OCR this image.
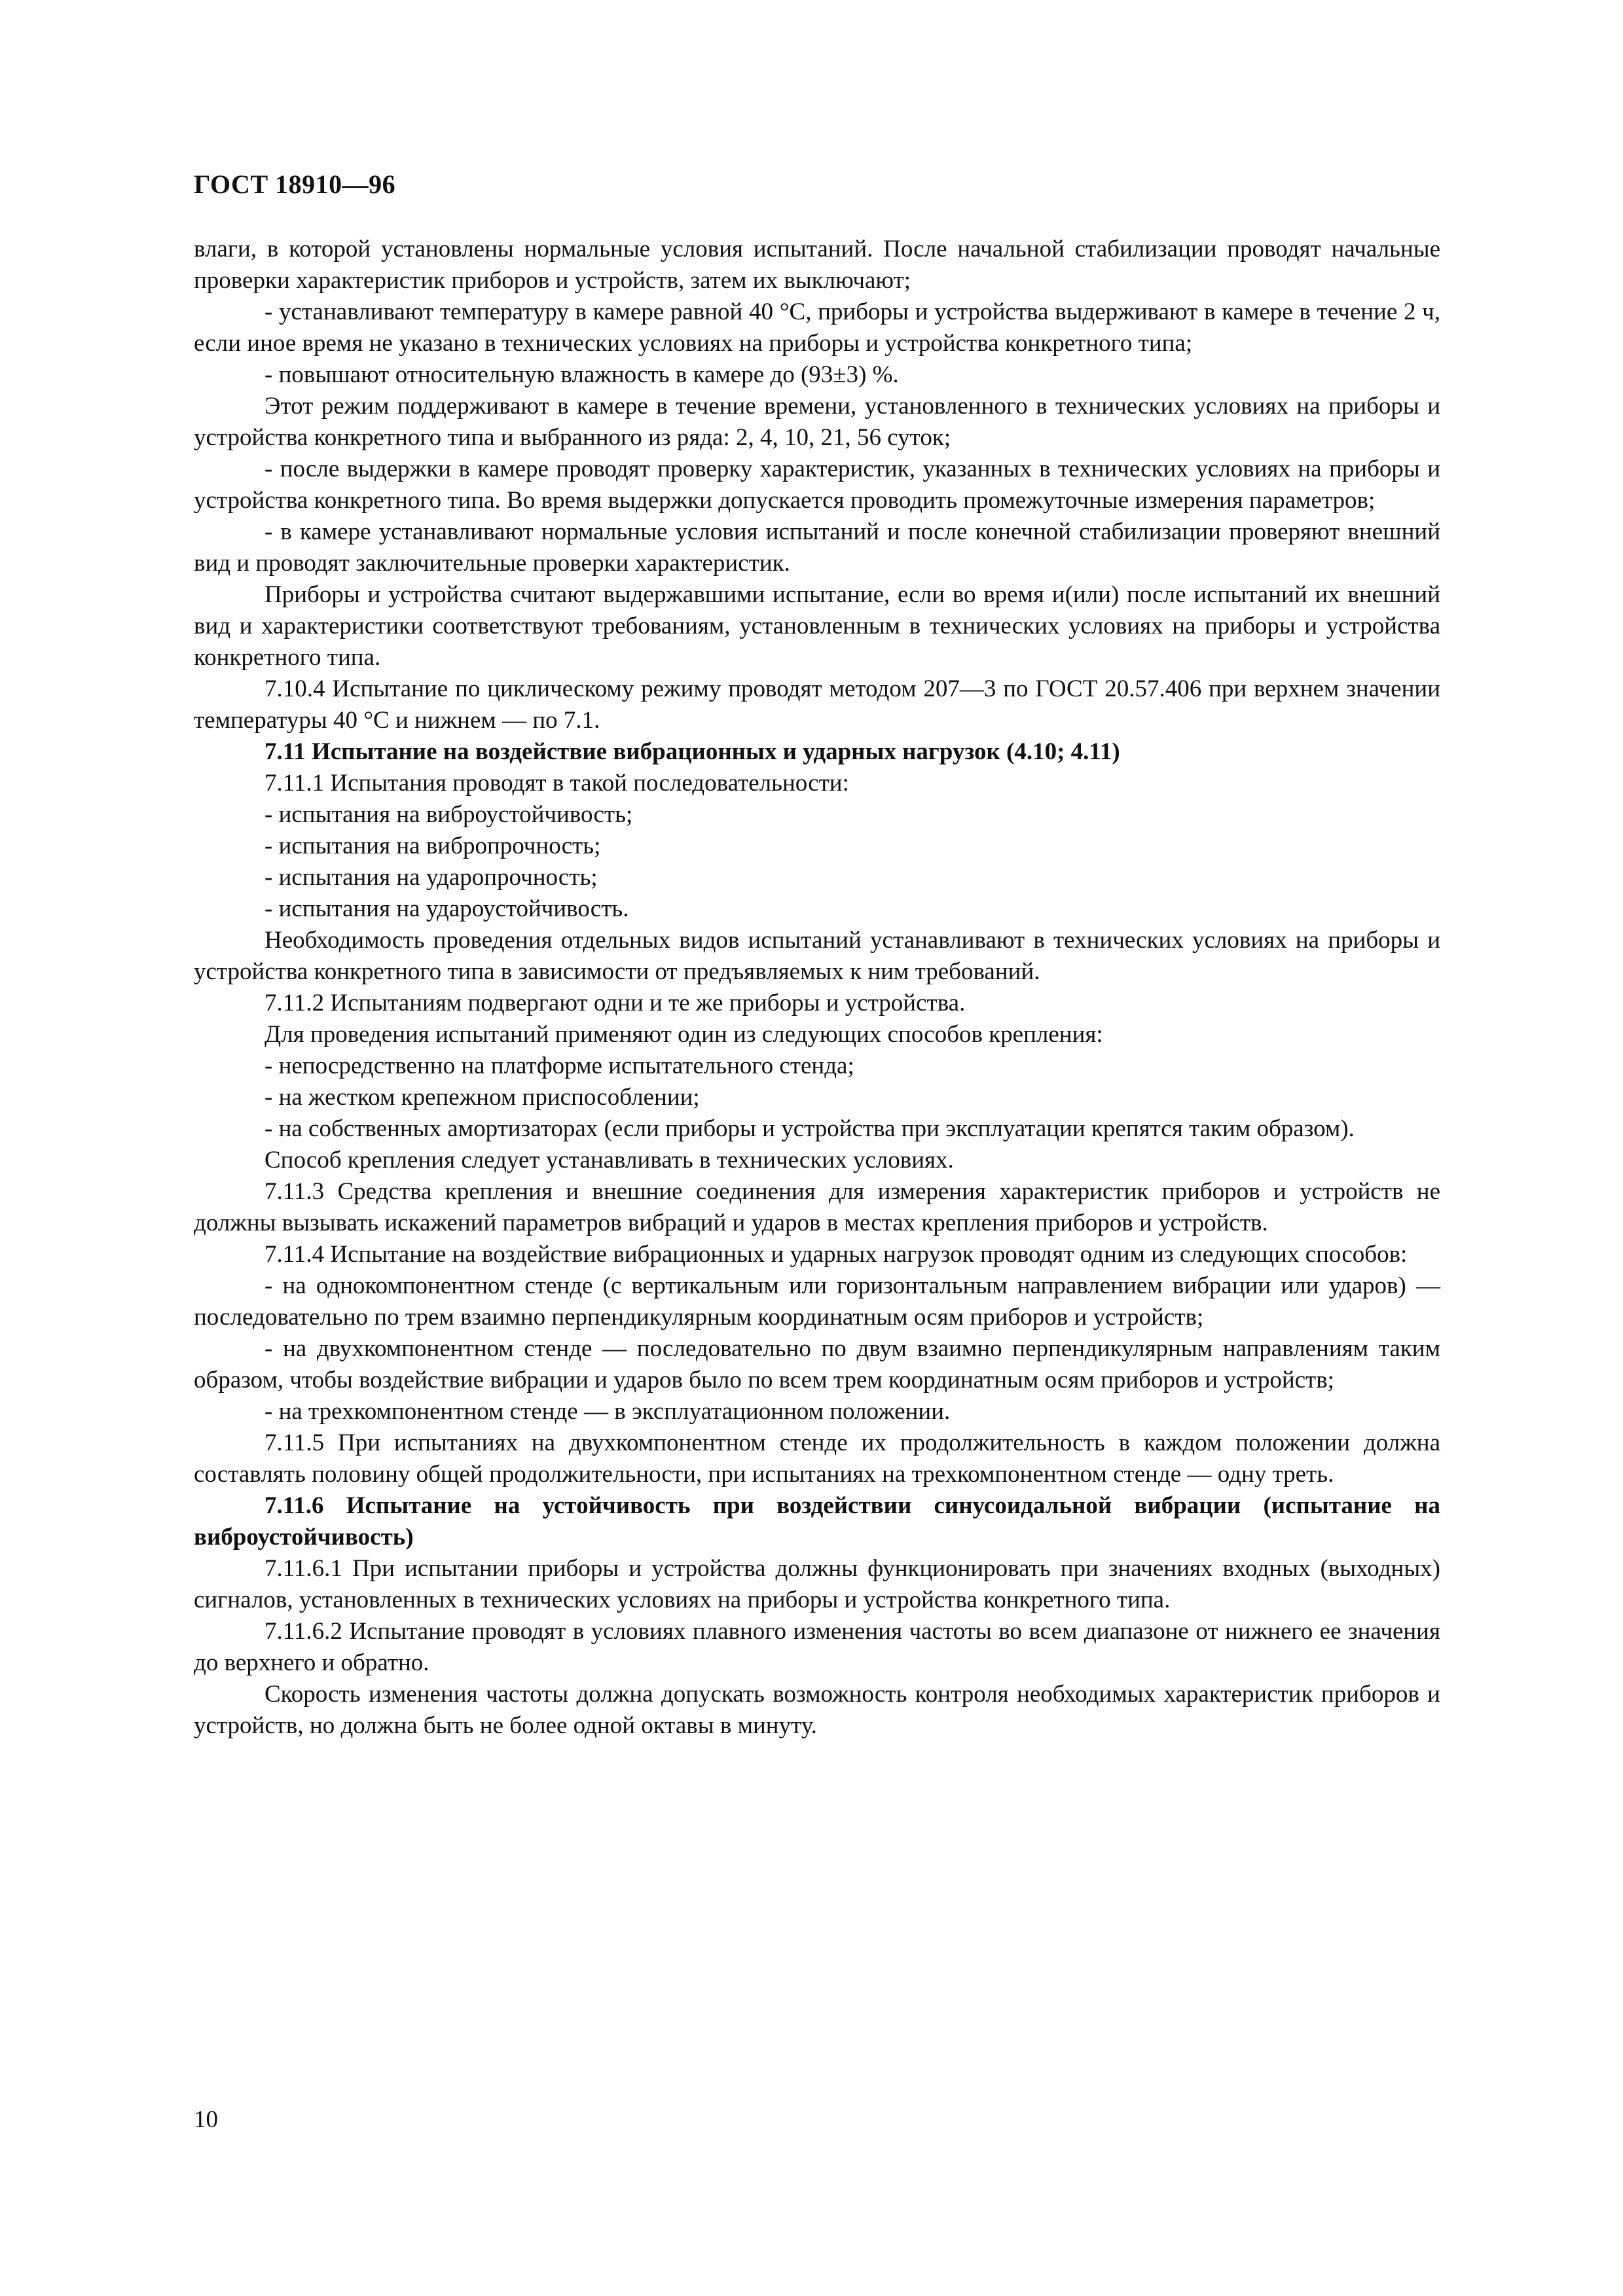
ГОСТ 18910—96

влаги, в которой установлены нормальные условия испытаний. После начальной стабилизации проводят начальные проверки характеристик приборов и устройств, затем их выключают;

- устанавливают температуру в камере равной 40 °С, приборы и устройства выдерживают в камере в течение 2 ч, если иное время не указано в технических условиях на приборы и устройства конкретного типа;

- повышают относительную влажность в камере до (93±3) %.

Этот режим поддерживают в камере в течение времени, установленного в технических условиях на приборы и устройства конкретного типа и выбранного из ряда: 2, 4, 10, 21, 56 суток;

- после выдержки в камере проводят проверку характеристик, указанных в технических условиях на приборы и устройства конкретного типа. Во время выдержки допускается проводить промежуточные измерения параметров;

- в камере устанавливают нормальные условия испытаний и после конечной стабилизации проверяют внешний вид и проводят заключительные проверки характеристик.

Приборы и устройства считают выдержавшими испытание, если во время и(или) после испытаний их внешний вид и характеристики соответствуют требованиям, установленным в технических условиях на приборы и устройства конкретного типа.

7.10.4 Испытание по циклическому режиму проводят методом 207—3 по ГОСТ 20.57.406 при верхнем значении температуры 40 °С и нижнем — по 7.1.

7.11 Испытание на воздействие вибрационных и ударных нагрузок (4.10; 4.11)

7.11.1 Испытания проводят в такой последовательности:

- испытания на виброустойчивость;

- испытания на вибропрочность;

- испытания на ударопрочность;

- испытания на удароустойчивость.

Необходимость проведения отдельных видов испытаний устанавливают в технических условиях на приборы и устройства конкретного типа в зависимости от предъявляемых к ним требований.

7.11.2 Испытаниям подвергают одни и те же приборы и устройства.

Для проведения испытаний применяют один из следующих способов крепления:

- непосредственно на платформе испытательного стенда;

- на жестком крепежном приспособлении;

- на собственных амортизаторах (если приборы и устройства при эксплуатации крепятся таким образом).

Способ крепления следует устанавливать в технических условиях.

7.11.3 Средства крепления и внешние соединения для измерения характеристик приборов и устройств не должны вызывать искажений параметров вибраций и ударов в местах крепления приборов и устройств.

7.11.4 Испытание на воздействие вибрационных и ударных нагрузок проводят одним из следующих способов:

- на однокомпонентном стенде (с вертикальным или горизонтальным направлением вибрации или ударов) — последовательно по трем взаимно перпендикулярным координатным осям приборов и устройств;

- на двухкомпонентном стенде — последовательно по двум взаимно перпендикулярным направлениям таким образом, чтобы воздействие вибрации и ударов было по всем трем координатным осям приборов и устройств;

- на трехкомпонентном стенде — в эксплуатационном положении.

7.11.5 При испытаниях на двухкомпонентном стенде их продолжительность в каждом положении должна составлять половину общей продолжительности, при испытаниях на трехкомпонентном стенде — одну треть.

7.11.6 Испытание на устойчивость при воздействии синусоидальной вибрации (испытание на виброустойчивость)

7.11.6.1 При испытании приборы и устройства должны функционировать при значениях входных (выходных) сигналов, установленных в технических условиях на приборы и устройства конкретного типа.

7.11.6.2 Испытание проводят в условиях плавного изменения частоты во всем диапазоне от нижнего ее значения до верхнего и обратно.

Скорость изменения частоты должна допускать возможность контроля необходимых характеристик приборов и устройств, но должна быть не более одной октавы в минуту.

10
